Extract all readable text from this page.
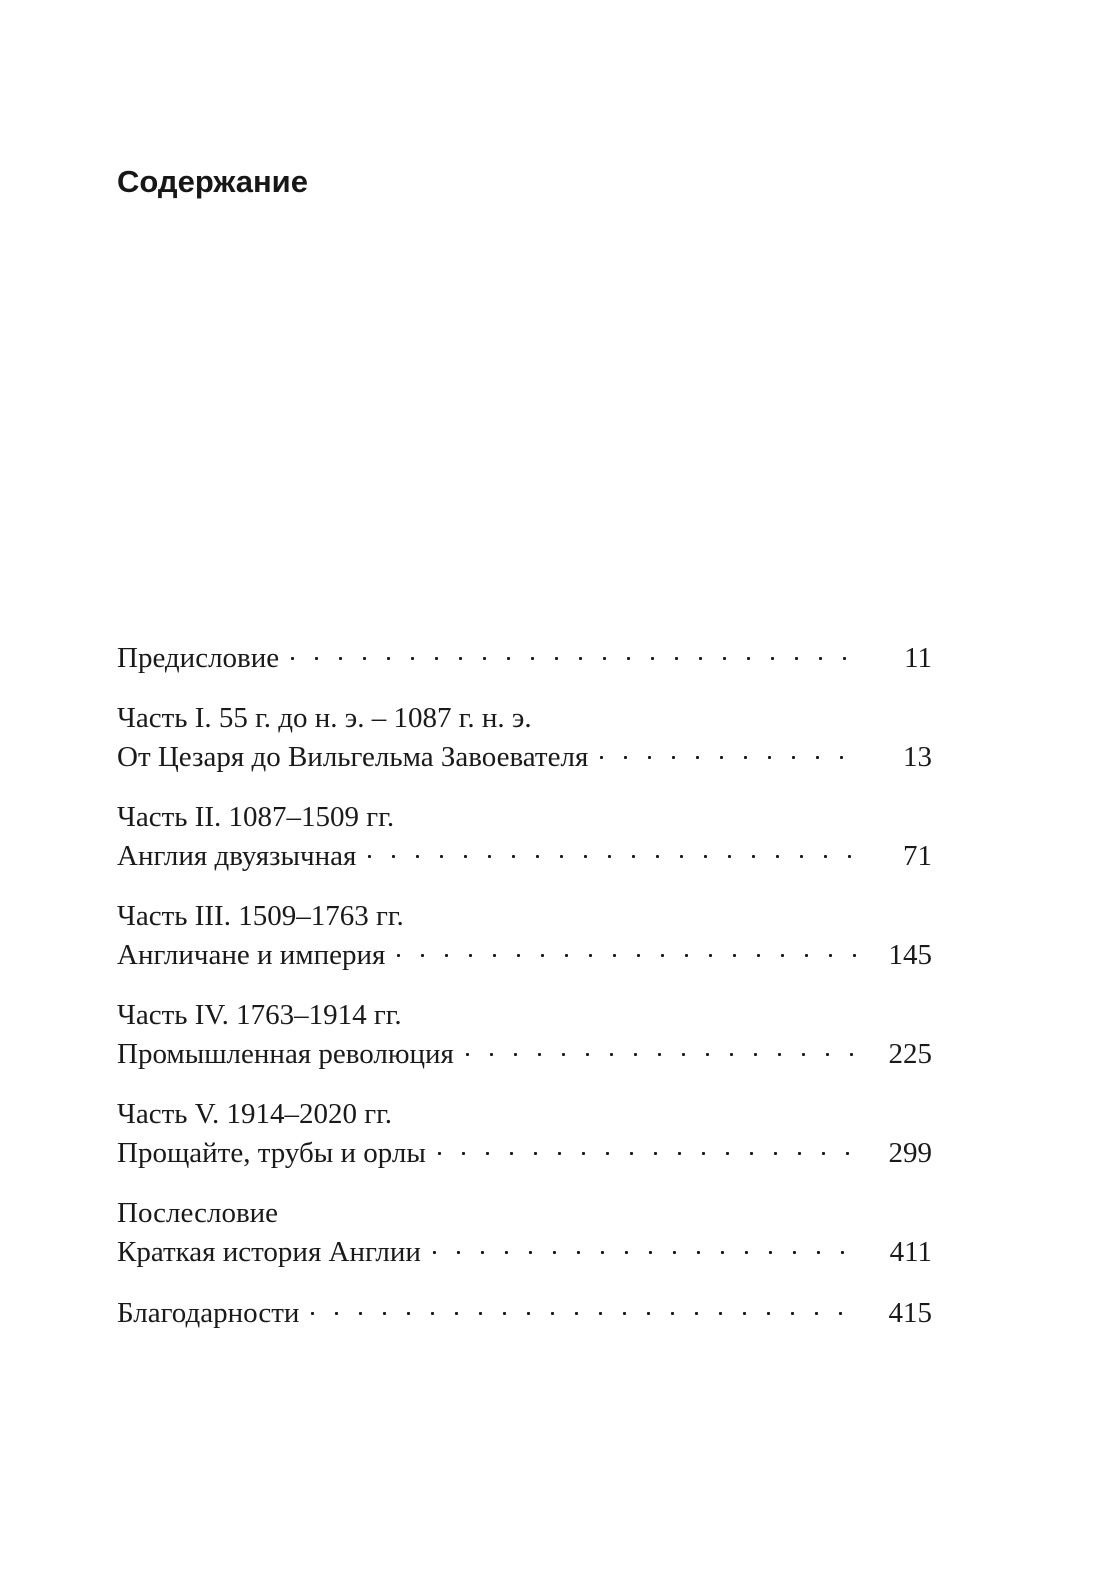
Содержание
Предисловие	11
Часть I. 55 г. до н. э. – 1087 г. н. э.
От Цезаря до Вильгельма Завоевателя	13
Часть II. 1087–1509 гг.
Англия двуязычная	71
Часть III. 1509–1763 гг.
Англичане и империя	145
Часть IV. 1763–1914 гг.
Промышленная революция	225
Часть V. 1914–2020 гг.
Прощайте, трубы и орлы	299
Послесловие
Краткая история Англии	411
Благодарности	415
